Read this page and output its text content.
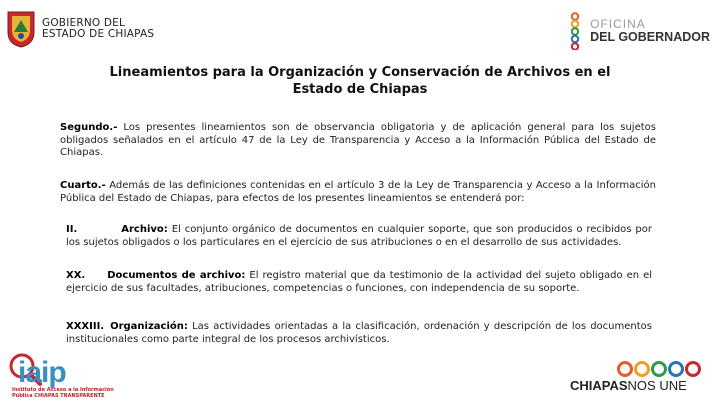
GOBIERNO DEL
ESTADO DE CHIAPAS
OFICINA
DEL GOBERNADOR
Lineamientos para la Organización y Conservación de Archivos en el
Estado de Chiapas
Segundo.- Los presentes lineamientos son de observancia obligatoria y de aplicación general para los sujetos obligados señalados en el artículo 47 de la Ley de Transparencia y Acceso a la Información Pública del Estado de Chiapas.
Cuarto.- Además de las definiciones contenidas en el artículo 3 de la Ley de Transparencia y Acceso a la Información Pública del Estado de Chiapas, para efectos de los presentes lineamientos se entenderá por:
II.	Archivo: El conjunto orgánico de documentos en cualquier soporte, que son producidos o recibidos por los sujetos obligados o los particulares en el ejercicio de sus atribuciones o en el desarrollo de sus actividades.
XX. Documentos de archivo: El registro material que da testimonio de la actividad del sujeto obligado en el ejercicio de sus facultades, atribuciones, competencias o funciones, con independencia de su soporte.
XXXIII. Organización: Las actividades orientadas a la clasificación, ordenación y descripción de los documentos institucionales como parte integral de los procesos archivísticos.
iaip
Instituto de Acceso a la Información Pública CHIAPAS TRANSPARENTE
CHIAPASNOS UNE
